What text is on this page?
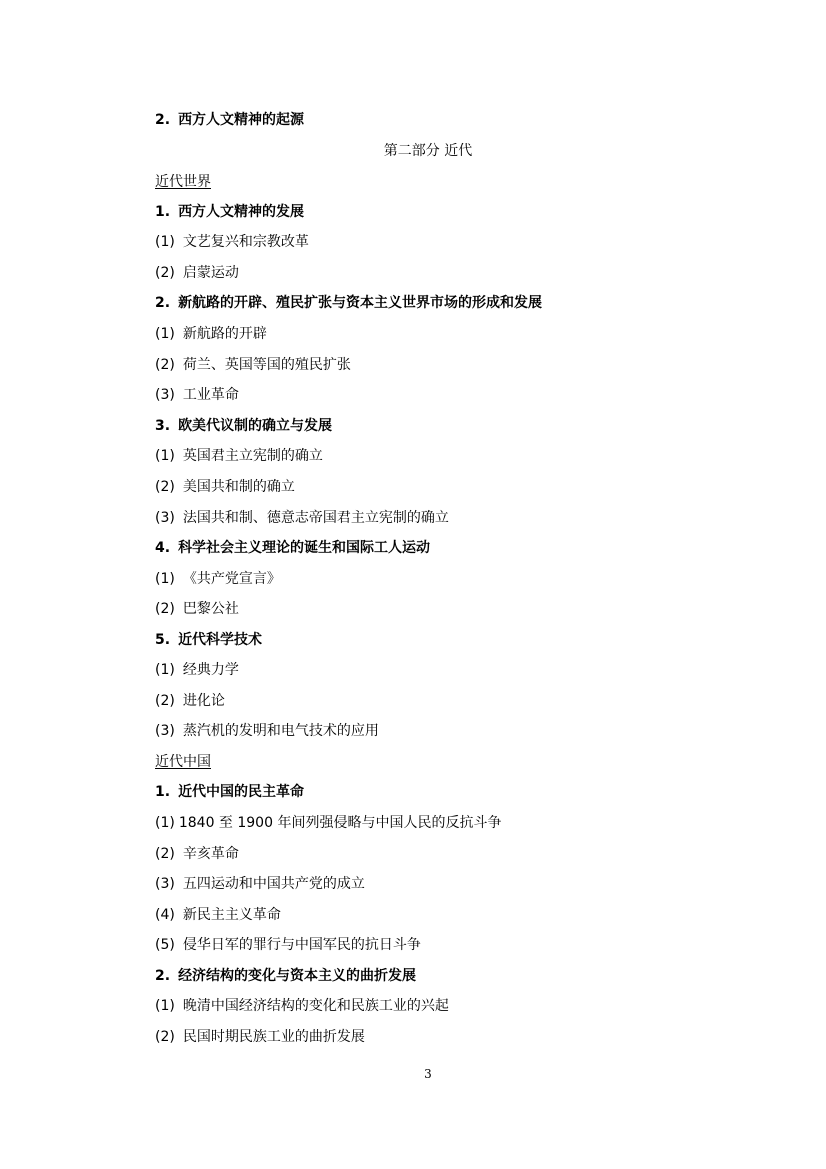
2. 西方人文精神的起源
第二部分 近代
近代世界
1. 西方人文精神的发展
(1) 文艺复兴和宗教改革
(2) 启蒙运动
2. 新航路的开辟、殖民扩张与资本主义世界市场的形成和发展
(1) 新航路的开辟
(2) 荷兰、英国等国的殖民扩张
(3) 工业革命
3. 欧美代议制的确立与发展
(1) 英国君主立宪制的确立
(2) 美国共和制的确立
(3) 法国共和制、德意志帝国君主立宪制的确立
4. 科学社会主义理论的诞生和国际工人运动
(1) 《共产党宣言》
(2) 巴黎公社
5. 近代科学技术
(1) 经典力学
(2) 进化论
(3) 蒸汽机的发明和电气技术的应用
近代中国
1. 近代中国的民主革命
(1) 1840 至 1900 年间列强侵略与中国人民的反抗斗争
(2) 辛亥革命
(3) 五四运动和中国共产党的成立
(4) 新民主主义革命
(5) 侵华日军的罪行与中国军民的抗日斗争
2. 经济结构的变化与资本主义的曲折发展
(1) 晚清中国经济结构的变化和民族工业的兴起
(2) 民国时期民族工业的曲折发展
3
